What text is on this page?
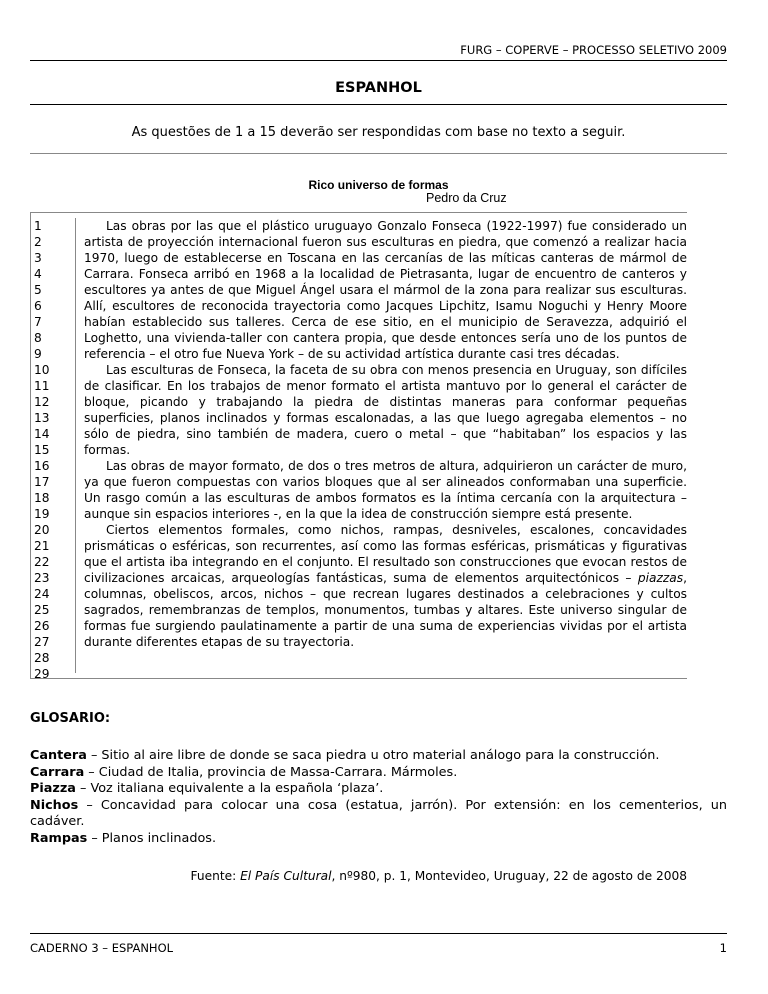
FURG – COPERVE – PROCESSO SELETIVO 2009
ESPANHOL
As questões de 1 a 15 deverão ser respondidas com base no texto a seguir.
Rico universo de formas
Pedro da Cruz
1
2
3
4
5
6
7
8
9
10
11
12
13
14
15
16
17
18
19
20
21
22
23
24
25
26
27
28
29

Las obras por las que el plástico uruguayo Gonzalo Fonseca (1922-1997) fue considerado un artista de proyección internacional fueron sus esculturas en piedra, que comenzó a realizar hacia 1970, luego de establecerse en Toscana en las cercanías de las míticas canteras de mármol de Carrara. Fonseca arribó en 1968 a la localidad de Pietrasanta, lugar de encuentro de canteros y escultores ya antes de que Miguel Ángel usara el mármol de la zona para realizar sus esculturas. Allí, escultores de reconocida trayectoria como Jacques Lipchitz, Isamu Noguchi y Henry Moore habían establecido sus talleres. Cerca de ese sitio, en el municipio de Seravezza, adquirió el Loghetto, una vivienda-taller con cantera propia, que desde entonces sería uno de los puntos de referencia – el otro fue Nueva York – de su actividad artística durante casi tres décadas.

Las esculturas de Fonseca, la faceta de su obra con menos presencia en Uruguay, son difíciles de clasificar. En los trabajos de menor formato el artista mantuvo por lo general el carácter de bloque, picando y trabajando la piedra de distintas maneras para conformar pequeñas superficies, planos inclinados y formas escalonadas, a las que luego agregaba elementos – no sólo de piedra, sino también de madera, cuero o metal – que “habitaban” los espacios y las formas.

Las obras de mayor formato, de dos o tres metros de altura, adquirieron un carácter de muro, ya que fueron compuestas con varios bloques que al ser alineados conformaban una superficie. Un rasgo común a las esculturas de ambos formatos es la íntima cercanía con la arquitectura – aunque sin espacios interiores -, en la que la idea de construcción siempre está presente.

Ciertos elementos formales, como nichos, rampas, desniveles, escalones, concavidades prismáticas o esféricas, son recurrentes, así como las formas esféricas, prismáticas y figurativas que el artista iba integrando en el conjunto. El resultado son construcciones que evocan restos de civilizaciones arcaicas, arqueologías fantásticas, suma de elementos arquitectónicos – piazzas, columnas, obeliscos, arcos, nichos – que recrean lugares destinados a celebraciones y cultos sagrados, remembranzas de templos, monumentos, tumbas y altares. Este universo singular de formas fue surgiendo paulatinamente a partir de una suma de experiencias vividas por el artista durante diferentes etapas de su trayectoria.

Fuente: El País Cultural, nº980, p. 1, Montevideo, Uruguay, 22 de agosto de 2008
GLOSARIO:
Cantera – Sitio al aire libre de donde se saca piedra u otro material análogo para la construcción.
Carrara – Ciudad de Italia, provincia de Massa-Carrara. Mármoles.
Piazza – Voz italiana equivalente a la española ‘plaza’.
Nichos – Concavidad para colocar una cosa (estatua, jarrón). Por extensión: en los cementerios, un cadáver.
Rampas – Planos inclinados.
CADERNO 3 – ESPANHOL	1
